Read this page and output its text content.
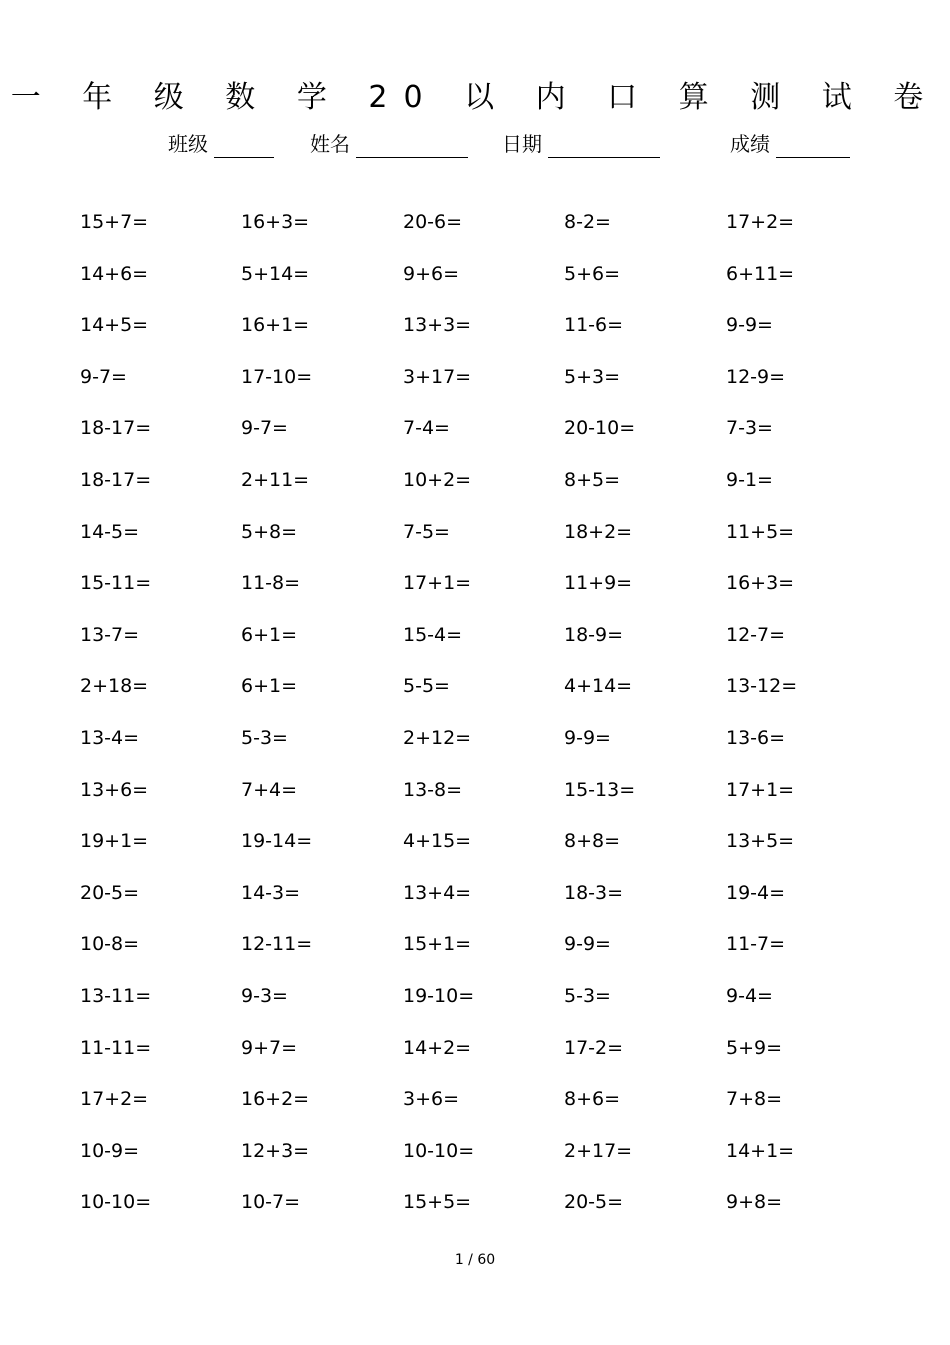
一 年 级 数 学 20 以 内 口 算 测 试 卷
班级	姓名	日期	成绩
15+7=	16+3=	20-6=	8-2=	17+2=
14+6=	5+14=	9+6=	5+6=	6+11=
14+5=	16+1=	13+3=	11-6=	9-9=
9-7=	17-10=	3+17=	5+3=	12-9=
18-17=	9-7=	7-4=	20-10=	7-3=
18-17=	2+11=	10+2=	8+5=	9-1=
14-5=	5+8=	7-5=	18+2=	11+5=
15-11=	11-8=	17+1=	11+9=	16+3=
13-7=	6+1=	15-4=	18-9=	12-7=
2+18=	6+1=	5-5=	4+14=	13-12=
13-4=	5-3=	2+12=	9-9=	13-6=
13+6=	7+4=	13-8=	15-13=	17+1=
19+1=	19-14=	4+15=	8+8=	13+5=
20-5=	14-3=	13+4=	18-3=	19-4=
10-8=	12-11=	15+1=	9-9=	11-7=
13-11=	9-3=	19-10=	5-3=	9-4=
11-11=	9+7=	14+2=	17-2=	5+9=
17+2=	16+2=	3+6=	8+6=	7+8=
10-9=	12+3=	10-10=	2+17=	14+1=
10-10=	10-7=	15+5=	20-5=	9+8=
1 / 60
